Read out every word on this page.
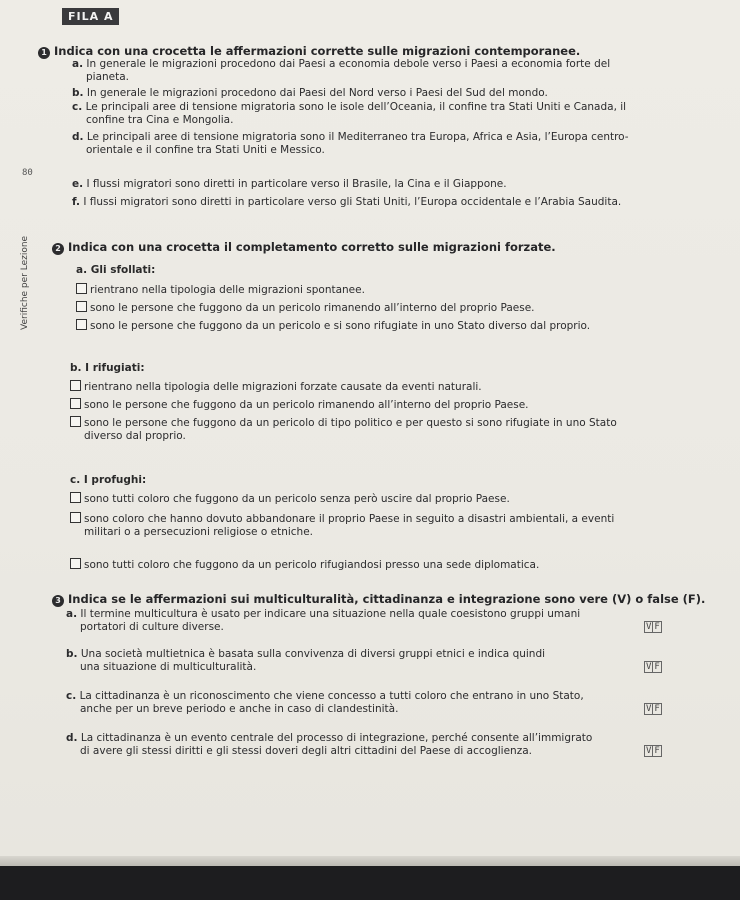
FILA A
80
Verifiche per Lezione
1 Indica con una crocetta le affermazioni corrette sulle migrazioni contemporanee.
a. In generale le migrazioni procedono dai Paesi a economia debole verso i Paesi a economia forte del
pianeta.
b. In generale le migrazioni procedono dai Paesi del Nord verso i Paesi del Sud del mondo.
c. Le principali aree di tensione migratoria sono le isole dell’Oceania, il confine tra Stati Uniti e Canada, il
confine tra Cina e Mongolia.
d. Le principali aree di tensione migratoria sono il Mediterraneo tra Europa, Africa e Asia, l’Europa centro-
orientale e il confine tra Stati Uniti e Messico.
e. I flussi migratori sono diretti in particolare verso il Brasile, la Cina e il Giappone.
f. I flussi migratori sono diretti in particolare verso gli Stati Uniti, l’Europa occidentale e l’Arabia Saudita.
2 Indica con una crocetta il completamento corretto sulle migrazioni forzate.
a. Gli sfollati:
rientrano nella tipologia delle migrazioni spontanee.
sono le persone che fuggono da un pericolo rimanendo all’interno del proprio Paese.
sono le persone che fuggono da un pericolo e si sono rifugiate in uno Stato diverso dal proprio.
b. I rifugiati:
rientrano nella tipologia delle migrazioni forzate causate da eventi naturali.
sono le persone che fuggono da un pericolo rimanendo all’interno del proprio Paese.
sono le persone che fuggono da un pericolo di tipo politico e per questo si sono rifugiate in uno Stato
diverso dal proprio.
c. I profughi:
sono tutti coloro che fuggono da un pericolo senza però uscire dal proprio Paese.
sono coloro che hanno dovuto abbandonare il proprio Paese in seguito a disastri ambientali, a eventi
militari o a persecuzioni religiose o etniche.
sono tutti coloro che fuggono da un pericolo rifugiandosi presso una sede diplomatica.
3 Indica se le affermazioni sui multiculturalità, cittadinanza e integrazione sono vere (V) o false (F).
a. Il termine multicultura è usato per indicare una situazione nella quale coesistono gruppi umani
portatori di culture diverse.	V F
b. Una società multietnica è basata sulla convivenza di diversi gruppi etnici e indica quindi
una situazione di multiculturalità.	V F
c. La cittadinanza è un riconoscimento che viene concesso a tutti coloro che entrano in uno Stato,
anche per un breve periodo e anche in caso di clandestinità.	V F
d. La cittadinanza è un evento centrale del processo di integrazione, perché consente all’immigrato
di avere gli stessi diritti e gli stessi doveri degli altri cittadini del Paese di accoglienza.	V F
